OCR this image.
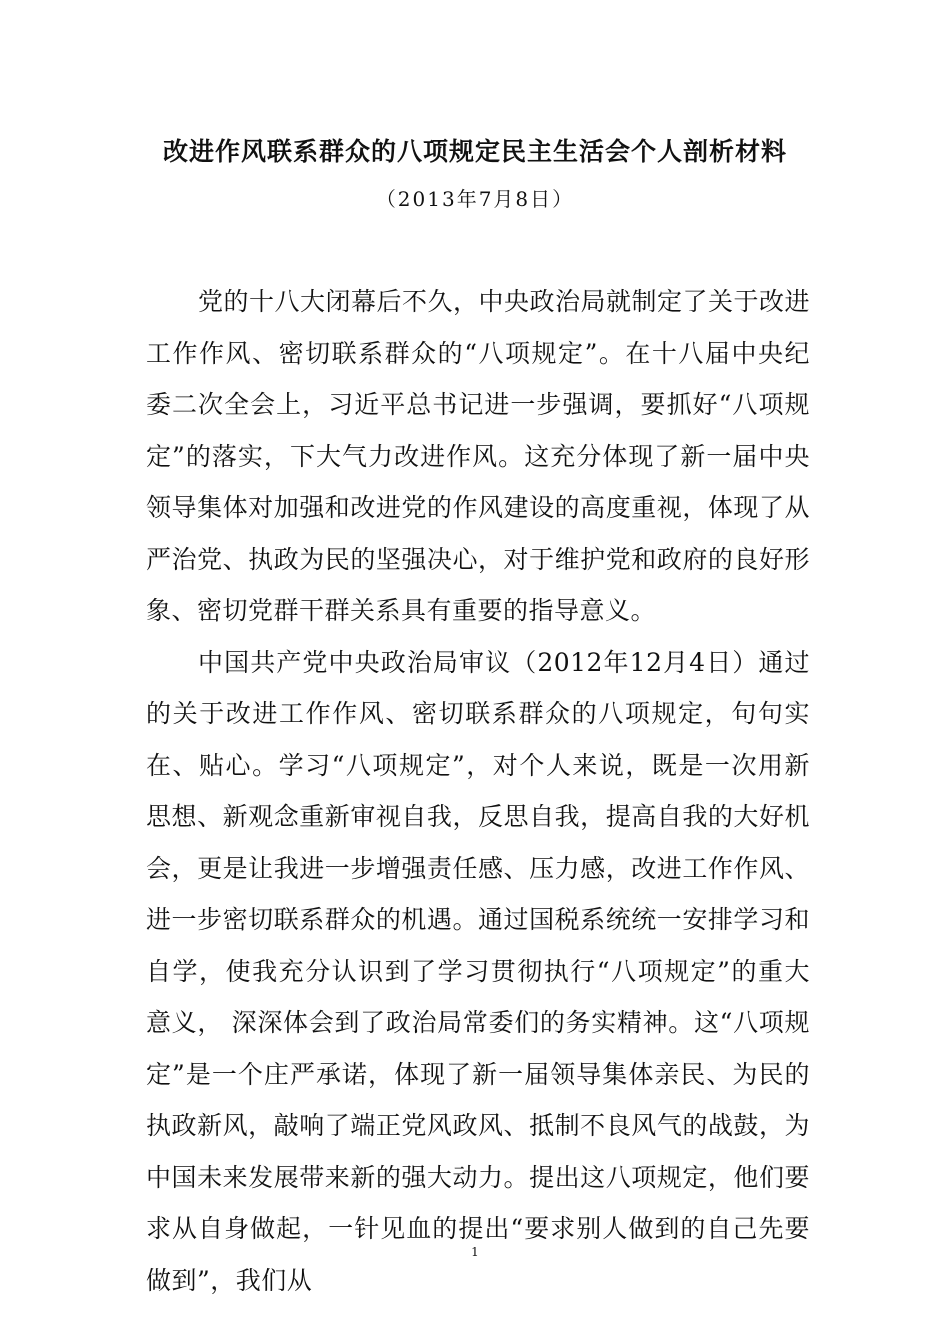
改进作风联系群众的八项规定民主生活会个人剖析材料
（2013年7月8日）

党的十八大闭幕后不久，中央政治局就制定了关于改进工作作风、密切联系群众的“八项规定”。在十八届中央纪委二次全会上，习近平总书记进一步强调，要抓好“八项规定”的落实，下大气力改进作风。这充分体现了新一届中央领导集体对加强和改进党的作风建设的高度重视，体现了从严治党、执政为民的坚强决心，对于维护党和政府的良好形象、密切党群干群关系具有重要的指导意义。

中国共产党中央政治局审议（2012年12月4日）通过的关于改进工作作风、密切联系群众的八项规定，句句实在、贴心。学习“八项规定”，对个人来说，既是一次用新思想、新观念重新审视自我，反思自我，提高自我的大好机会，更是让我进一步增强责任感、压力感，改进工作作风、进一步密切联系群众的机遇。通过国税系统统一安排学习和自学，使我充分认识到了学习贯彻执行“八项规定”的重大意义， 深深体会到了政治局常委们的务实精神。这“八项规定”是一个庄严承诺，体现了新一届领导集体亲民、为民的执政新风，敲响了端正党风政风、抵制不良风气的战鼓，为中国未来发展带来新的强大动力。提出这八项规定，他们要求从自身做起，一针见血的提出“要求别人做到的自己先要做到”，我们从

1
